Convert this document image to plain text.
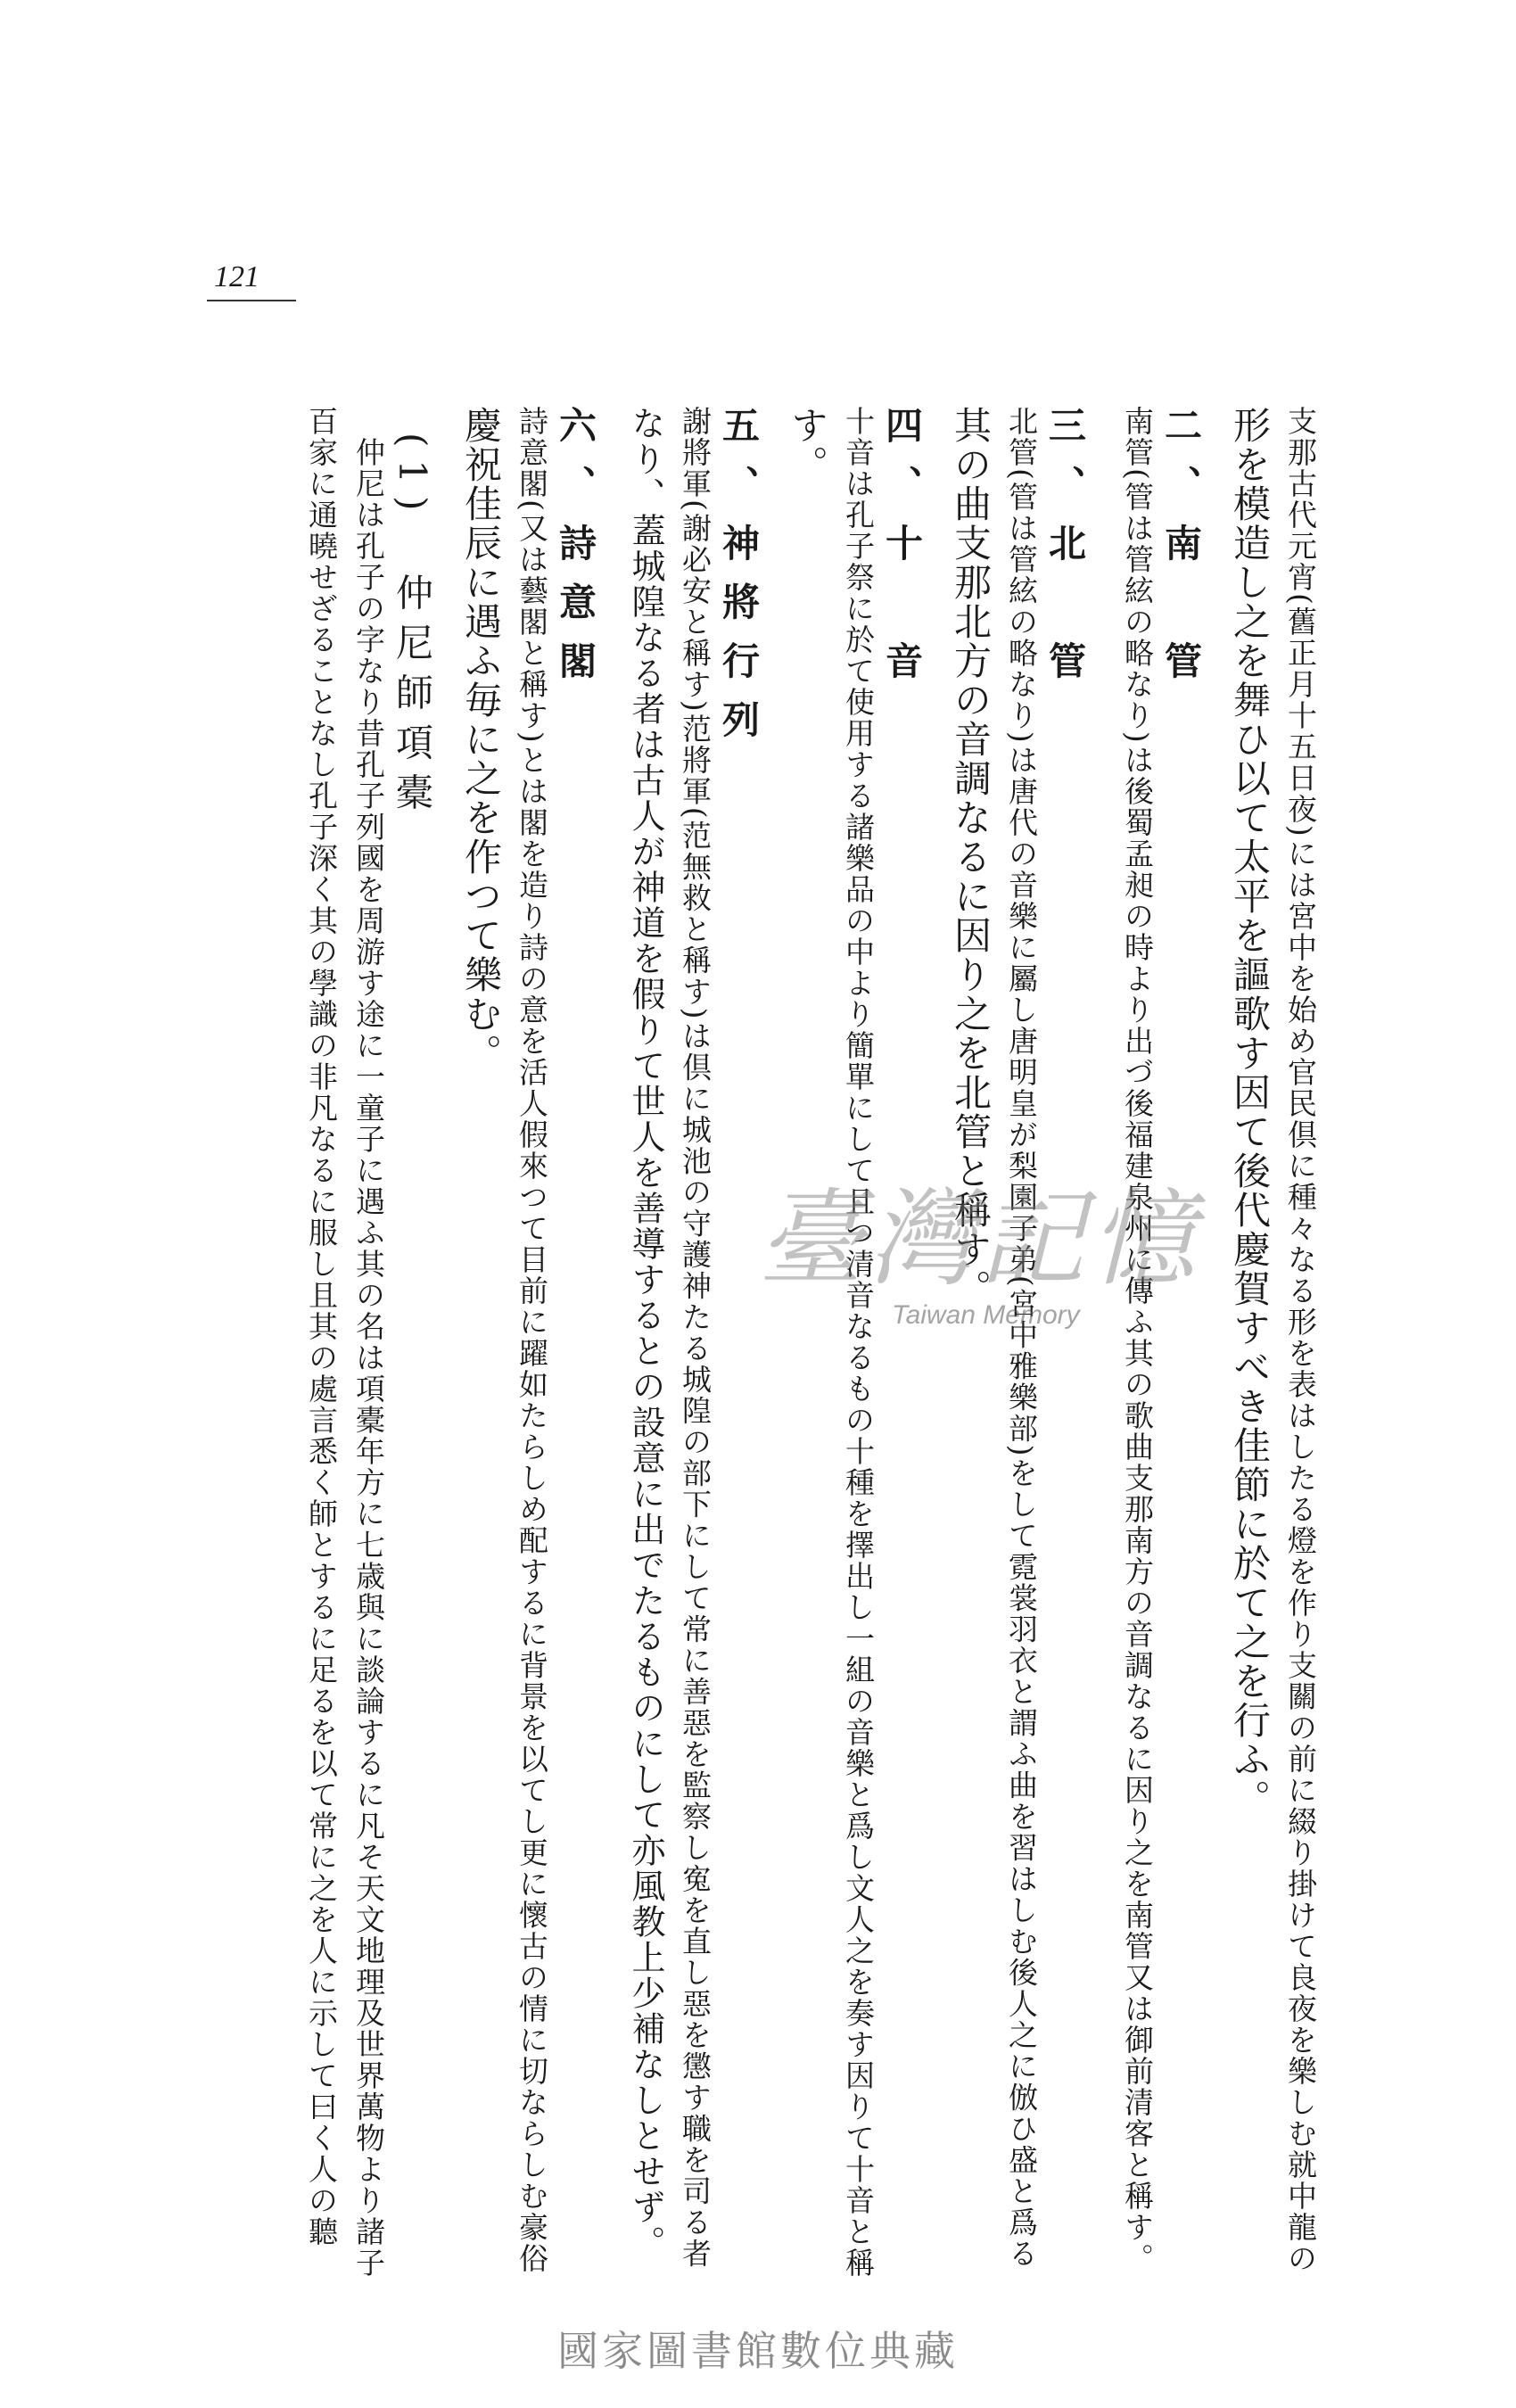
121
支那古代元宵(舊正月十五日夜)には宮中を始め官民倶に種々なる形を表はしたる燈を作り支關の前に綴り掛けて良夜を樂しむ就中龍の
形を模造し之を舞ひ以て太平を謳歌す因て後代慶賀すべき佳節に於て之を行ふ。
二、南　管
南管(管は管絃の略なり)は後蜀孟昶の時より出づ後福建泉州に傳ふ其の歌曲支那南方の音調なるに因り之を南管又は御前清客と稱す。
三、北　管
北管(管は管絃の略なり)は唐代の音樂に屬し唐明皇が梨園子弟(宮中雅樂部)をして霓裳羽衣と謂ふ曲を習はしむ後人之に倣ひ盛と爲る
其の曲支那北方の音調なるに因り之を北管と稱す。
四、十　音
十音は孔子祭に於て使用する諸樂品の中より簡單にして且つ清音なるもの十種を擇出し一組の音樂と爲し文人之を奏す因りて十音と稱
す。
五、神將行列
謝將軍(謝必安と稱す)范將軍(范無救と稱す)は倶に城池の守護神たる城隍の部下にして常に善惡を監察し寃を直し惡を懲す職を司る者
なり、蓋城隍なる者は古人が神道を假りて世人を善導するとの設意に出でたるものにして亦風教上少補なしとせず。
六、詩意閣
詩意閣(又は藝閣と稱す)とは閣を造り詩の意を活人假來つて目前に躍如たらしめ配するに背景を以てし更に懷古の情に切ならしむ豪俗
慶祝佳辰に遇ふ毎に之を作つて樂む。
(1)　仲尼師項橐
仲尼は孔子の字なり昔孔子列國を周游す途に一童子に遇ふ其の名は項橐年方に七歳與に談論するに凡そ天文地理及世界萬物より諸子
百家に通曉せざることなし孔子深く其の學識の非凡なるに服し且其の處言悉く師とするに足るを以て常に之を人に示して曰く人の聽	臺灣記憶
Taiwan Memory
國家圖書館數位典藏
